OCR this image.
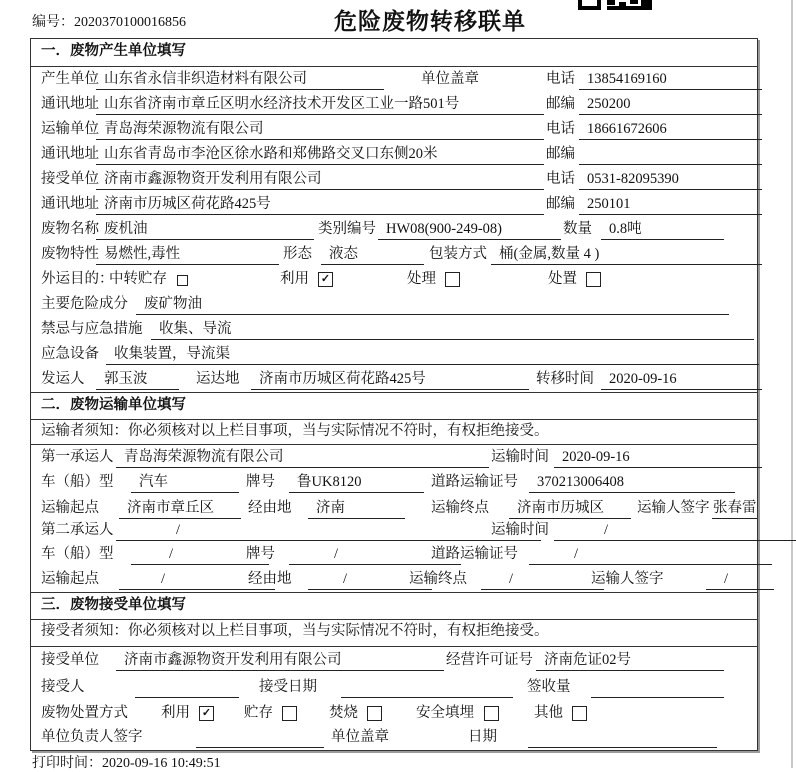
编号：2020370100016856	危险废物转移联单
一．废物产生单位填写
产生单位 山东省永信非织造材料有限公司	单位盖章	电话 13854169160
通讯地址 山东省济南市章丘区明水经济技术开发区工业一路501号	邮编 250200
运输单位 青岛海荣源物流有限公司	电话 18661672606
通讯地址 山东省青岛市李沧区徐水路和郑佛路交叉口东侧20米	邮编
接受单位 济南市鑫源物资开发利用有限公司	电话 0531-82095390
通讯地址 济南市历城区荷花路425号	邮编 250101
废物名称 废机油	类别编号 HW08(900-249-08)	数量	0.8吨
废物特性 易燃性,毒性	形态	液态	包装方式 桶(金属,数量 4 )
外运目的：
中转贮存	利用 ✓	处理	处置
主要危险成分	废矿物油
禁忌与应急措施	收集、导流
应急设备	收集装置，导流渠
发运人	郭玉波	运达地	济南市历城区荷花路425号	转移时间	2020-09-16
二．废物运输单位填写
运输者须知：你必须核对以上栏目事项，当与实际情况不符时，有权拒绝接受。
第一承运人 青岛海荣源物流有限公司	运输时间 2020-09-16
车（船）型	汽车	牌号	鲁UK8120	道路运输证号	370213006408
运输起点	济南市章丘区	经由地	济南	运输终点	济南市历城区	运输人签字 张春雷
第二承运人	/	运输时间	/
车（船）型	/	牌号	/	道路运输证号	/
运输起点	/	经由地	/	运输终点	/	运输人签字	/
三．废物接受单位填写
接受者须知：你必须核对以上栏目事项，当与实际情况不符时，有权拒绝接受。
接受单位	济南市鑫源物资开发利用有限公司	经营许可证号 济南危证02号
接受人	接受日期	签收量
废物处置方式 利用 ✓ 贮存	焚烧	安全填埋	其他
单位负责人签字	单位盖章	日期
打印时间：2020-09-16 10:49:51
